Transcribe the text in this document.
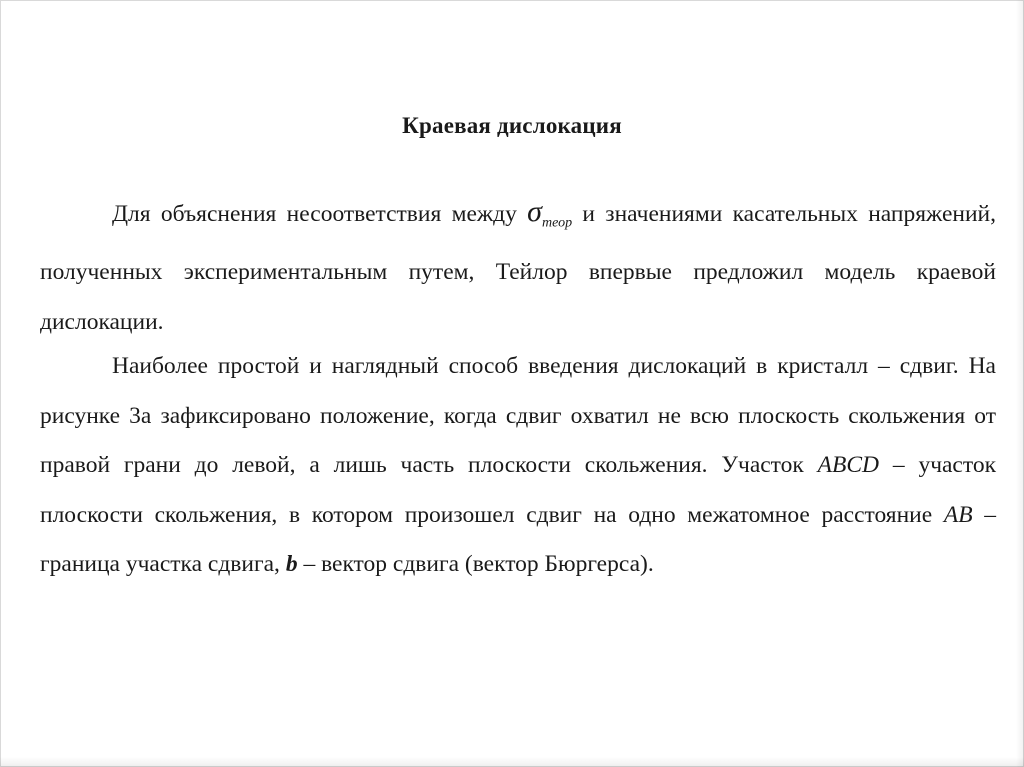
Краевая дислокация
Для объяснения несоответствия между $\sigma_{теор}$ и значениями касательных напряжений, полученных экспериментальным путем, Тейлор впервые предложил модель краевой дислокации.
Наиболее простой и наглядный способ введения дислокаций в кристалл – сдвиг. На рисунке 3а зафиксировано положение, когда сдвиг охватил не всю плоскость скольжения от правой грани до левой, а лишь часть плоскости скольжения. Участок ABCD – участок плоскости скольжения, в котором произошел сдвиг на одно межатомное расстояние AB – граница участка сдвига, b – вектор сдвига (вектор Бюргерса).
